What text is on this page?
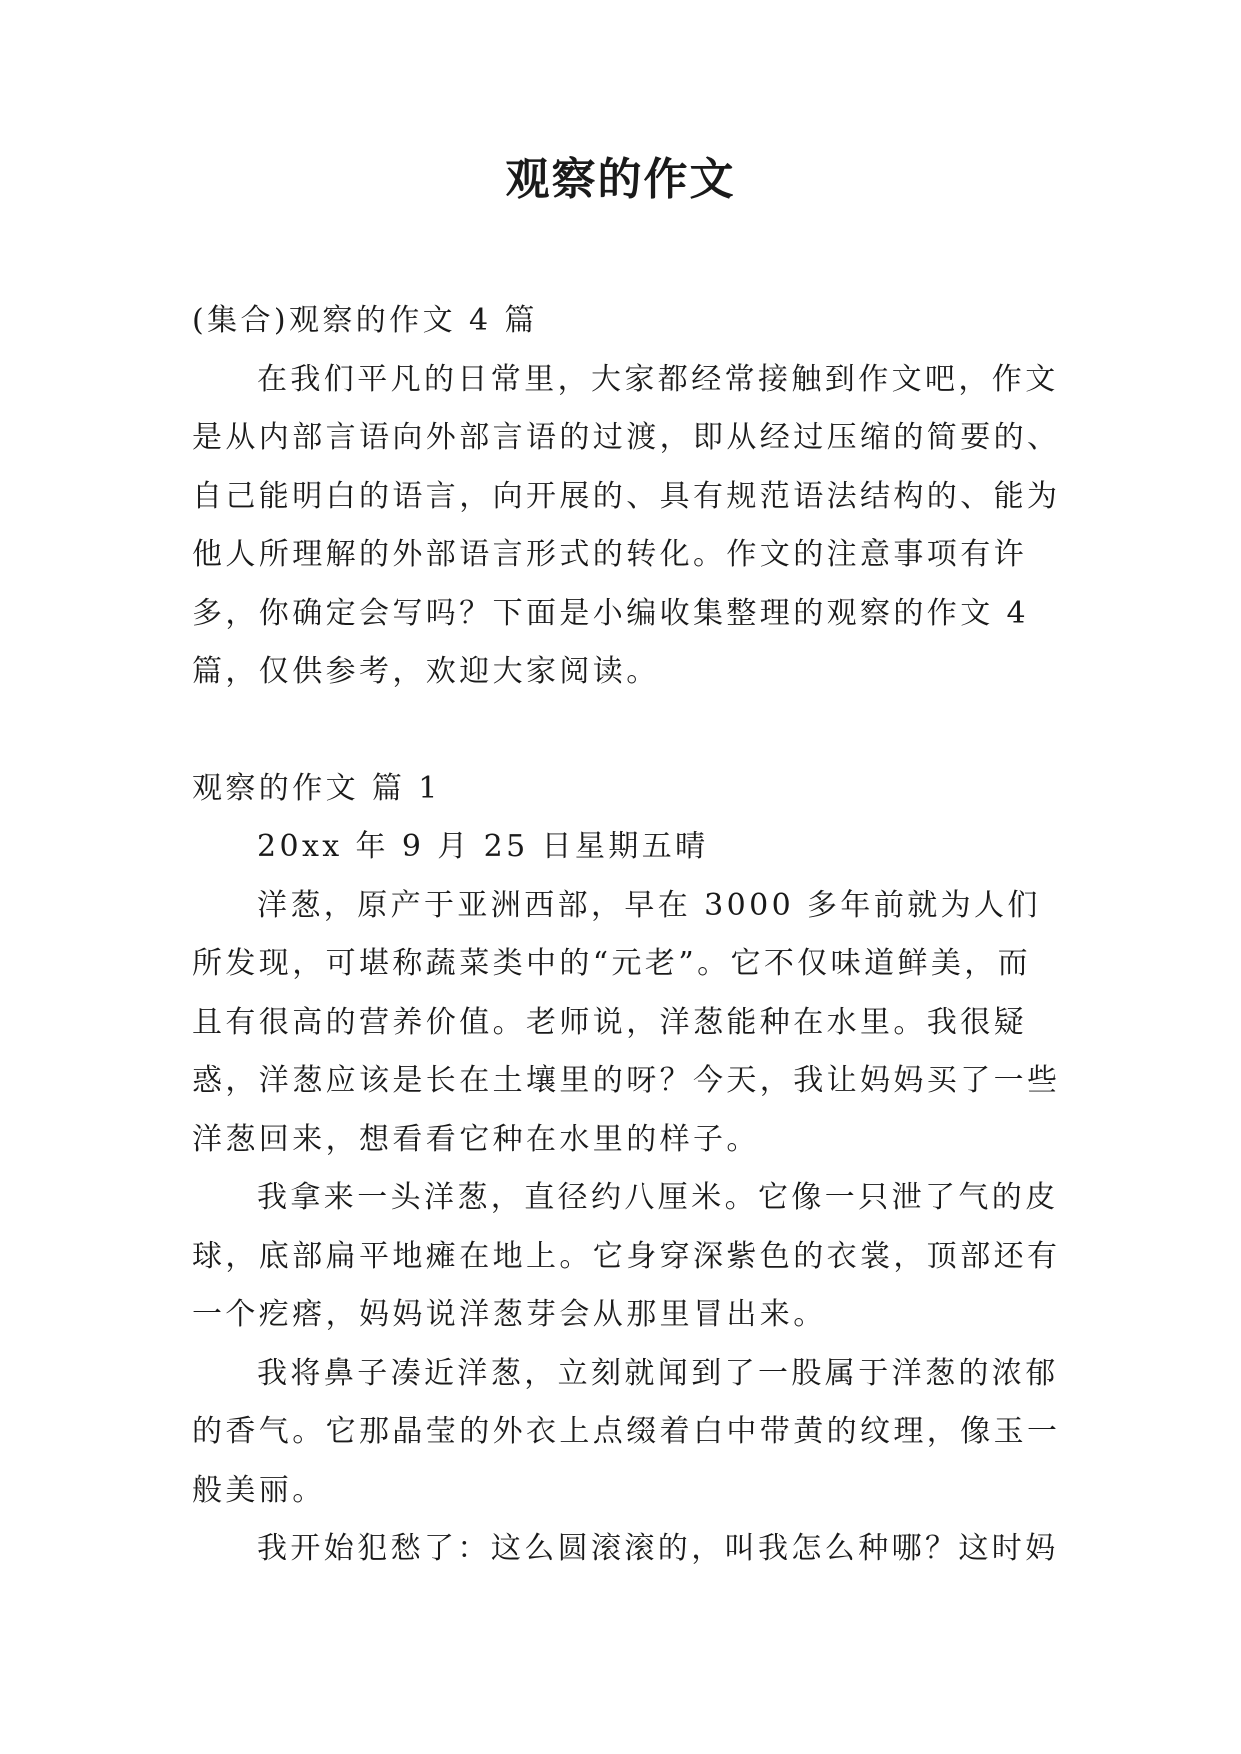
观察的作文

(集合)观察的作文 4 篇

在我们平凡的日常里，大家都经常接触到作文吧，作文是从内部言语向外部言语的过渡，即从经过压缩的简要的、自己能明白的语言，向开展的、具有规范语法结构的、能为他人所理解的外部语言形式的转化。作文的注意事项有许多，你确定会写吗？下面是小编收集整理的观察的作文 4 篇，仅供参考，欢迎大家阅读。

观察的作文 篇 1

20xx 年 9 月 25 日星期五晴

洋葱，原产于亚洲西部，早在 3000 多年前就为人们所发现，可堪称蔬菜类中的“元老”。它不仅味道鲜美，而且有很高的营养价值。老师说，洋葱能种在水里。我很疑惑，洋葱应该是长在土壤里的呀？今天，我让妈妈买了一些洋葱回来，想看看它种在水里的样子。

我拿来一头洋葱，直径约八厘米。它像一只泄了气的皮球，底部扁平地瘫在地上。它身穿深紫色的衣裳，顶部还有一个疙瘩，妈妈说洋葱芽会从那里冒出来。

我将鼻子凑近洋葱，立刻就闻到了一股属于洋葱的浓郁的香气。它那晶莹的外衣上点缀着白中带黄的纹理，像玉一般美丽。

我开始犯愁了：这么圆滚滚的，叫我怎么种哪？这时妈
